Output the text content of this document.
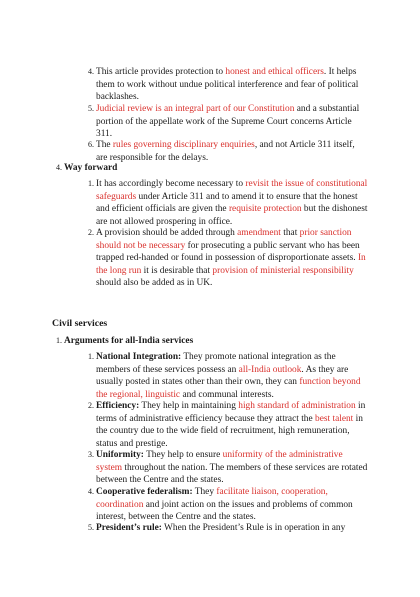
4. This article provides protection to honest and ethical officers. It helps them to work without undue political interference and fear of political backlashes.
5. Judicial review is an integral part of our Constitution and a substantial portion of the appellate work of the Supreme Court concerns Article 311.
6. The rules governing disciplinary enquiries, and not Article 311 itself, are responsible for the delays.
4. Way forward
1. It has accordingly become necessary to revisit the issue of constitutional safeguards under Article 311 and to amend it to ensure that the honest and efficient officials are given the requisite protection but the dishonest are not allowed prospering in office.
2. A provision should be added through amendment that prior sanction should not be necessary for prosecuting a public servant who has been trapped red-handed or found in possession of disproportionate assets. In the long run it is desirable that provision of ministerial responsibility should also be added as in UK.
Civil services
1. Arguments for all-India services
1. National Integration: They promote national integration as the members of these services possess an all-India outlook. As they are usually posted in states other than their own, they can function beyond the regional, linguistic and communal interests.
2. Efficiency: They help in maintaining high standard of administration in terms of administrative efficiency because they attract the best talent in the country due to the wide field of recruitment, high remuneration, status and prestige.
3. Uniformity: They help to ensure uniformity of the administrative system throughout the nation. The members of these services are rotated between the Centre and the states.
4. Cooperative federalism: They facilitate liaison, cooperation, coordination and joint action on the issues and problems of common interest, between the Centre and the states.
5. President’s rule: When the President’s Rule is in operation in any
